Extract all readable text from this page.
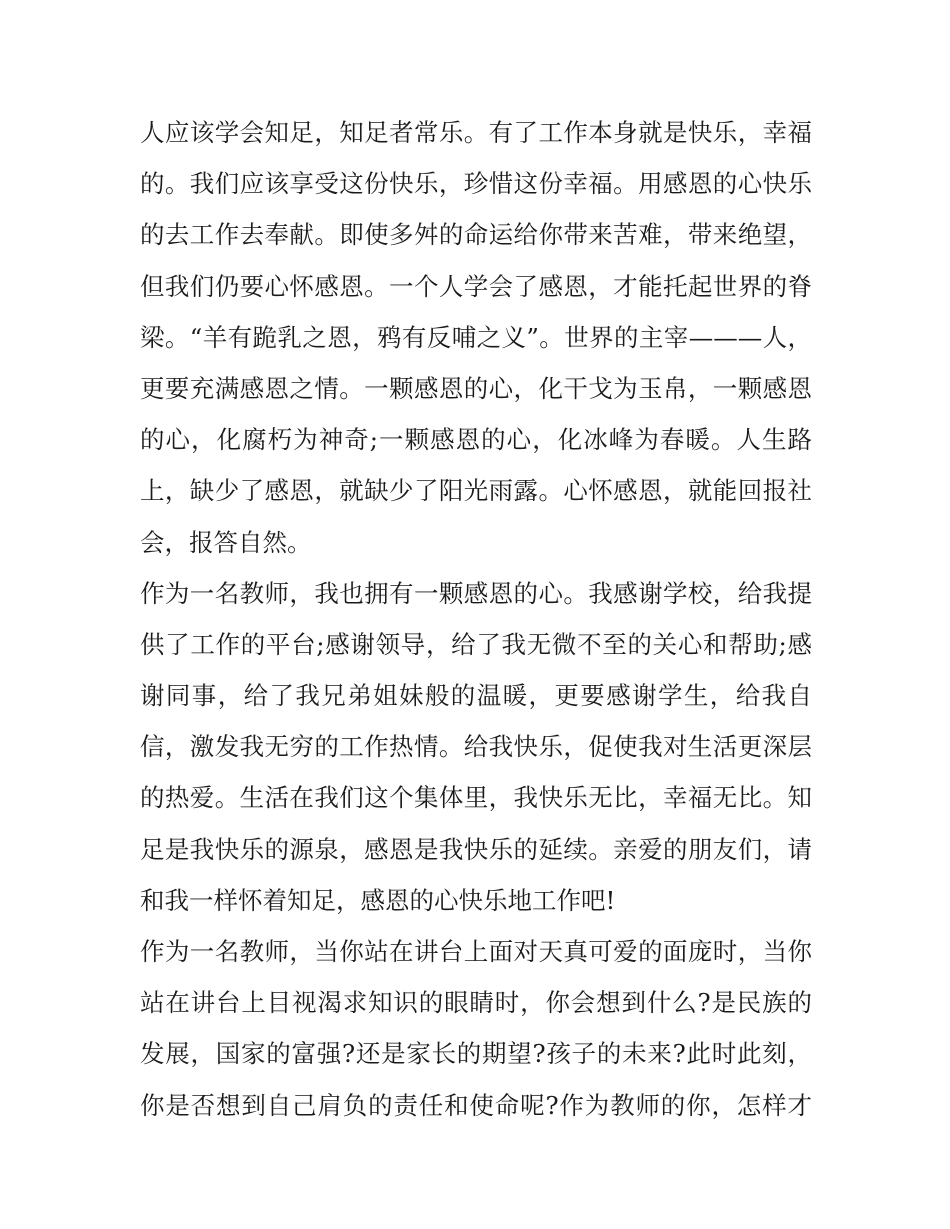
人应该学会知足，知足者常乐。有了工作本身就是快乐，幸福
的。我们应该享受这份快乐，珍惜这份幸福。用感恩的心快乐
的去工作去奉献。即使多舛的命运给你带来苦难，带来绝望，
但我们仍要心怀感恩。一个人学会了感恩，才能托起世界的脊
梁。“羊有跪乳之恩，鸦有反哺之义”。世界的主宰———人，
更要充满感恩之情。一颗感恩的心，化干戈为玉帛，一颗感恩
的心，化腐朽为神奇;一颗感恩的心，化冰峰为春暖。人生路
上，缺少了感恩，就缺少了阳光雨露。心怀感恩，就能回报社
会，报答自然。
作为一名教师，我也拥有一颗感恩的心。我感谢学校，给我提
供了工作的平台;感谢领导，给了我无微不至的关心和帮助;感
谢同事，给了我兄弟姐妹般的温暖，更要感谢学生，给我自
信，激发我无穷的工作热情。给我快乐，促使我对生活更深层
的热爱。生活在我们这个集体里，我快乐无比，幸福无比。知
足是我快乐的源泉，感恩是我快乐的延续。亲爱的朋友们，请
和我一样怀着知足，感恩的心快乐地工作吧!
作为一名教师，当你站在讲台上面对天真可爱的面庞时，当你
站在讲台上目视渴求知识的眼睛时，你会想到什么?是民族的
发展，国家的富强?还是家长的期望?孩子的未来?此时此刻，
你是否想到自己肩负的责任和使命呢?作为教师的你，怎样才
